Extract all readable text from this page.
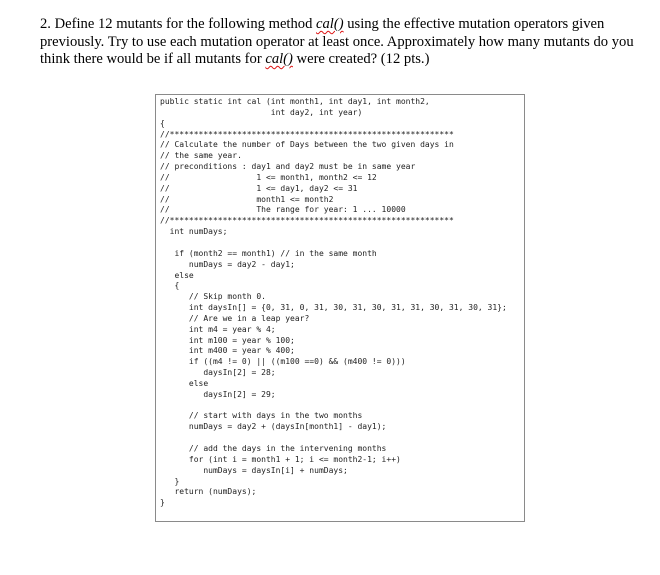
2. Define 12 mutants for the following method cal() using the effective mutation operators given
previously. Try to use each mutation operator at least once. Approximately how many mutants do you
think there would be if all mutants for cal() were created? (12 pts.)
public static int cal (int month1, int day1, int month2,
int day2, int year)
{
//***********************************************************
// Calculate the number of Days between the two given days in
// the same year.
// preconditions : day1 and day2 must be in same year
//                  1 <= month1, month2 <= 12
//                  1 <= day1, day2 <= 31
//                  month1 <= month2
//                  The range for year: 1 ... 10000
//***********************************************************
int numDays;

if (month2 == month1) // in the same month
numDays = day2 - day1;
else
{
// Skip month 0.
int daysIn[] = {0, 31, 0, 31, 30, 31, 30, 31, 31, 30, 31, 30, 31};
// Are we in a leap year?
int m4 = year % 4;
int m100 = year % 100;
int m400 = year % 400;
if ((m4 != 0) || ((m100 ==0) && (m400 != 0)))
daysIn[2] = 28;
else
daysIn[2] = 29;

// start with days in the two months
numDays = day2 + (daysIn[month1] - day1);

// add the days in the intervening months
for (int i = month1 + 1; i <= month2-1; i++)
numDays = daysIn[i] + numDays;
}
return (numDays);
}
